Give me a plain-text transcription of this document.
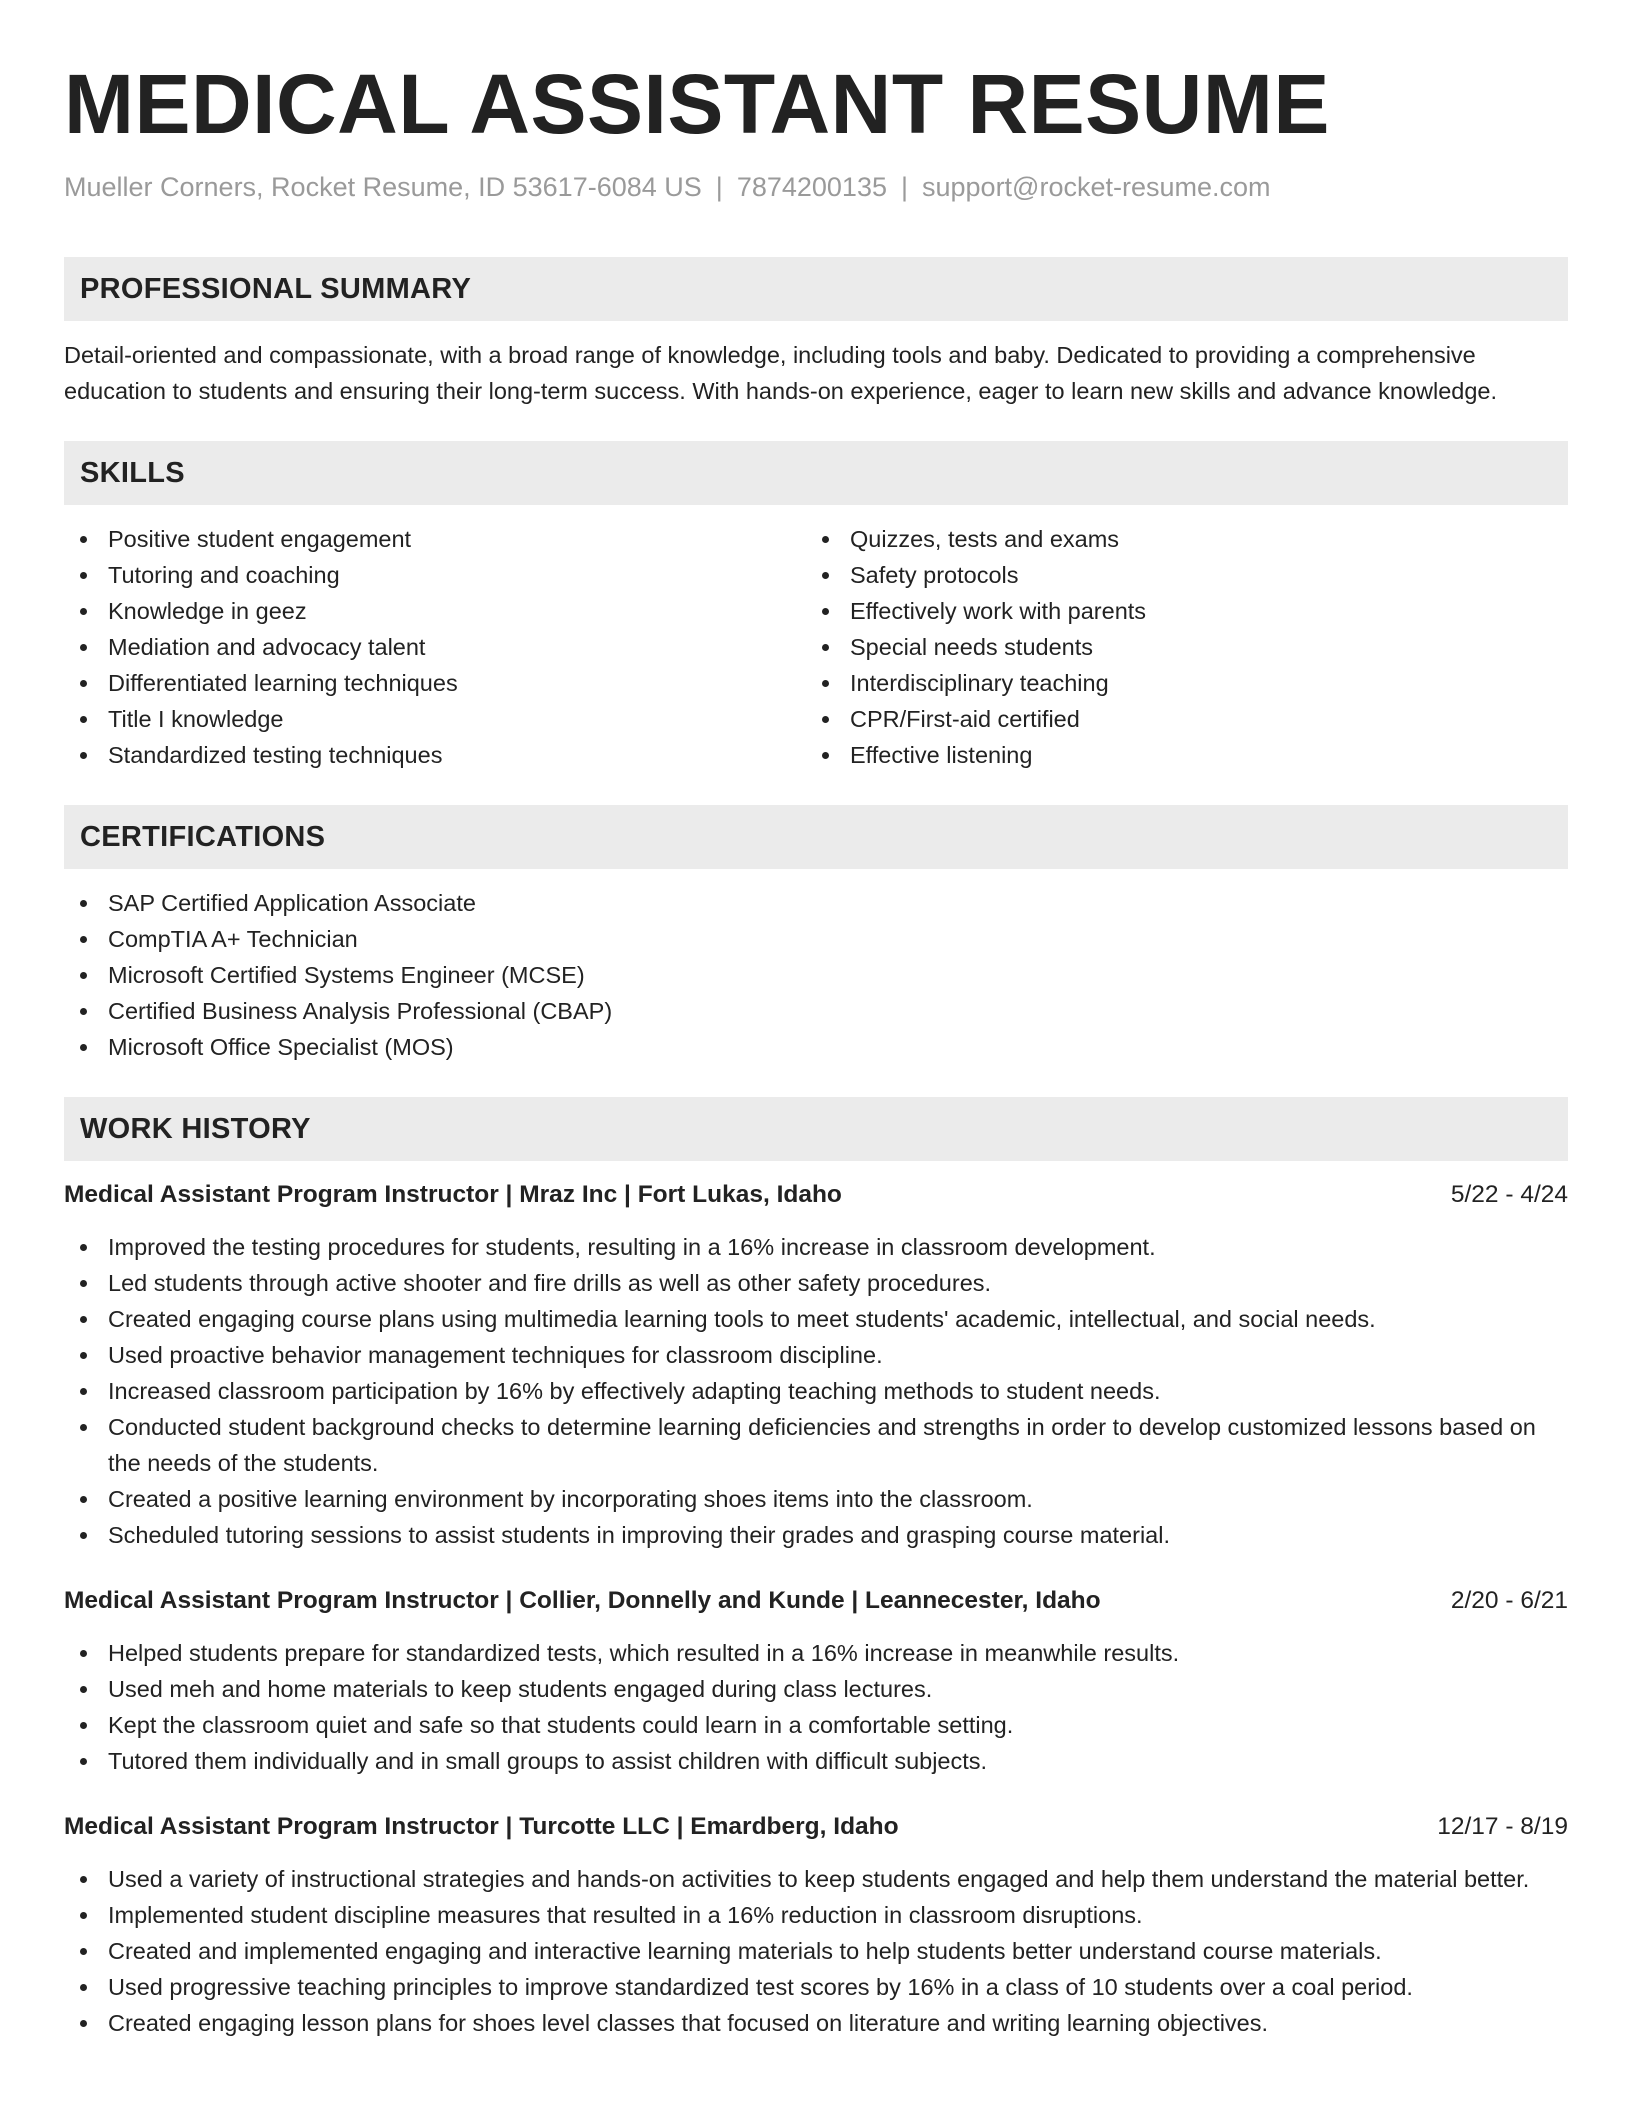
MEDICAL ASSISTANT RESUME
Mueller Corners, Rocket Resume, ID 53617-6084 US | 7874200135 | support@rocket-resume.com
PROFESSIONAL SUMMARY
Detail-oriented and compassionate, with a broad range of knowledge, including tools and baby. Dedicated to providing a comprehensive education to students and ensuring their long-term success. With hands-on experience, eager to learn new skills and advance knowledge.
SKILLS
Positive student engagement
Tutoring and coaching
Knowledge in geez
Mediation and advocacy talent
Differentiated learning techniques
Title I knowledge
Standardized testing techniques
Quizzes, tests and exams
Safety protocols
Effectively work with parents
Special needs students
Interdisciplinary teaching
CPR/First-aid certified
Effective listening
CERTIFICATIONS
SAP Certified Application Associate
CompTIA A+ Technician
Microsoft Certified Systems Engineer (MCSE)
Certified Business Analysis Professional (CBAP)
Microsoft Office Specialist (MOS)
WORK HISTORY
Medical Assistant Program Instructor | Mraz Inc | Fort Lukas, Idaho	5/22 - 4/24
Improved the testing procedures for students, resulting in a 16% increase in classroom development.
Led students through active shooter and fire drills as well as other safety procedures.
Created engaging course plans using multimedia learning tools to meet students' academic, intellectual, and social needs.
Used proactive behavior management techniques for classroom discipline.
Increased classroom participation by 16% by effectively adapting teaching methods to student needs.
Conducted student background checks to determine learning deficiencies and strengths in order to develop customized lessons based on the needs of the students.
Created a positive learning environment by incorporating shoes items into the classroom.
Scheduled tutoring sessions to assist students in improving their grades and grasping course material.
Medical Assistant Program Instructor | Collier, Donnelly and Kunde | Leannecester, Idaho	2/20 - 6/21
Helped students prepare for standardized tests, which resulted in a 16% increase in meanwhile results.
Used meh and home materials to keep students engaged during class lectures.
Kept the classroom quiet and safe so that students could learn in a comfortable setting.
Tutored them individually and in small groups to assist children with difficult subjects.
Medical Assistant Program Instructor | Turcotte LLC | Emardberg, Idaho	12/17 - 8/19
Used a variety of instructional strategies and hands-on activities to keep students engaged and help them understand the material better.
Implemented student discipline measures that resulted in a 16% reduction in classroom disruptions.
Created and implemented engaging and interactive learning materials to help students better understand course materials.
Used progressive teaching principles to improve standardized test scores by 16% in a class of 10 students over a coal period.
Created engaging lesson plans for shoes level classes that focused on literature and writing learning objectives.
